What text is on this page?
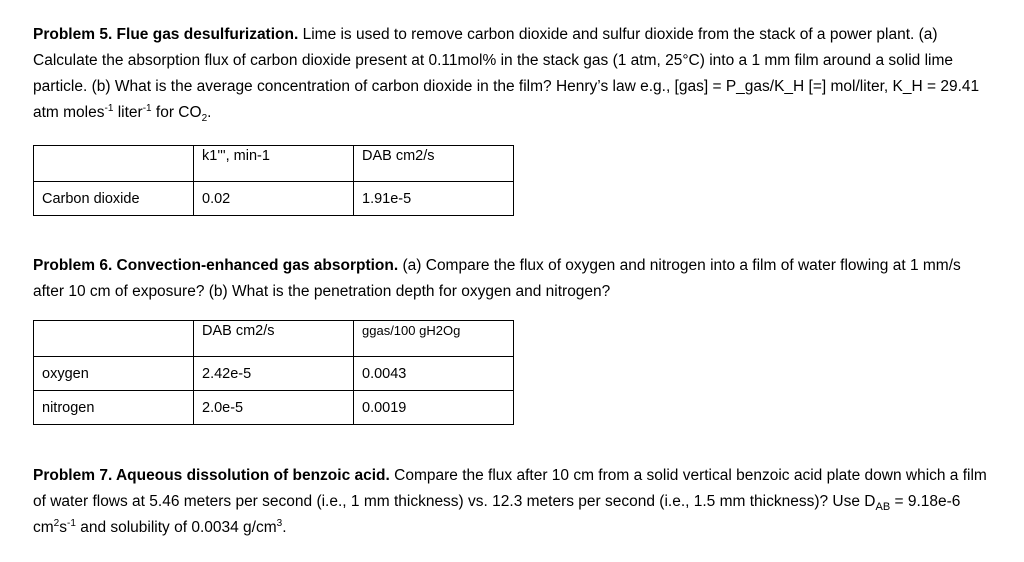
Problem 5. Flue gas desulfurization. Lime is used to remove carbon dioxide and sulfur dioxide from the stack of a power plant. (a) Calculate the absorption flux of carbon dioxide present at 0.11mol% in the stack gas (1 atm, 25°C) into a 1 mm film around a solid lime particle. (b) What is the average concentration of carbon dioxide in the film? Henry’s law e.g., [gas] = P_gas/K_H [=] mol/liter, K_H = 29.41 atm moles$^{-1}$ liter$^{-1}$ for $CO_2$.
	k1''', min-1	DAB cm2/s
Carbon dioxide	0.02	1.91e-5
Problem 6. Convection-enhanced gas absorption. (a) Compare the flux of oxygen and nitrogen into a film of water flowing at 1 mm/s after 10 cm of exposure? (b) What is the penetration depth for oxygen and nitrogen?
	DAB cm2/s	ggas/100 gH2Og
oxygen	2.42e-5	0.0043
nitrogen	2.0e-5	0.0019
Problem 7. Aqueous dissolution of benzoic acid. Compare the flux after 10 cm from a solid vertical benzoic acid plate down which a film of water flows at 5.46 meters per second (i.e., 1 mm thickness) vs. 12.3 meters per second (i.e., 1.5 mm thickness)? Use $D_{AB} = 9.18e-6$ $cm^2s^{-1}$ and solubility of 0.0034 $g/cm^3$.
